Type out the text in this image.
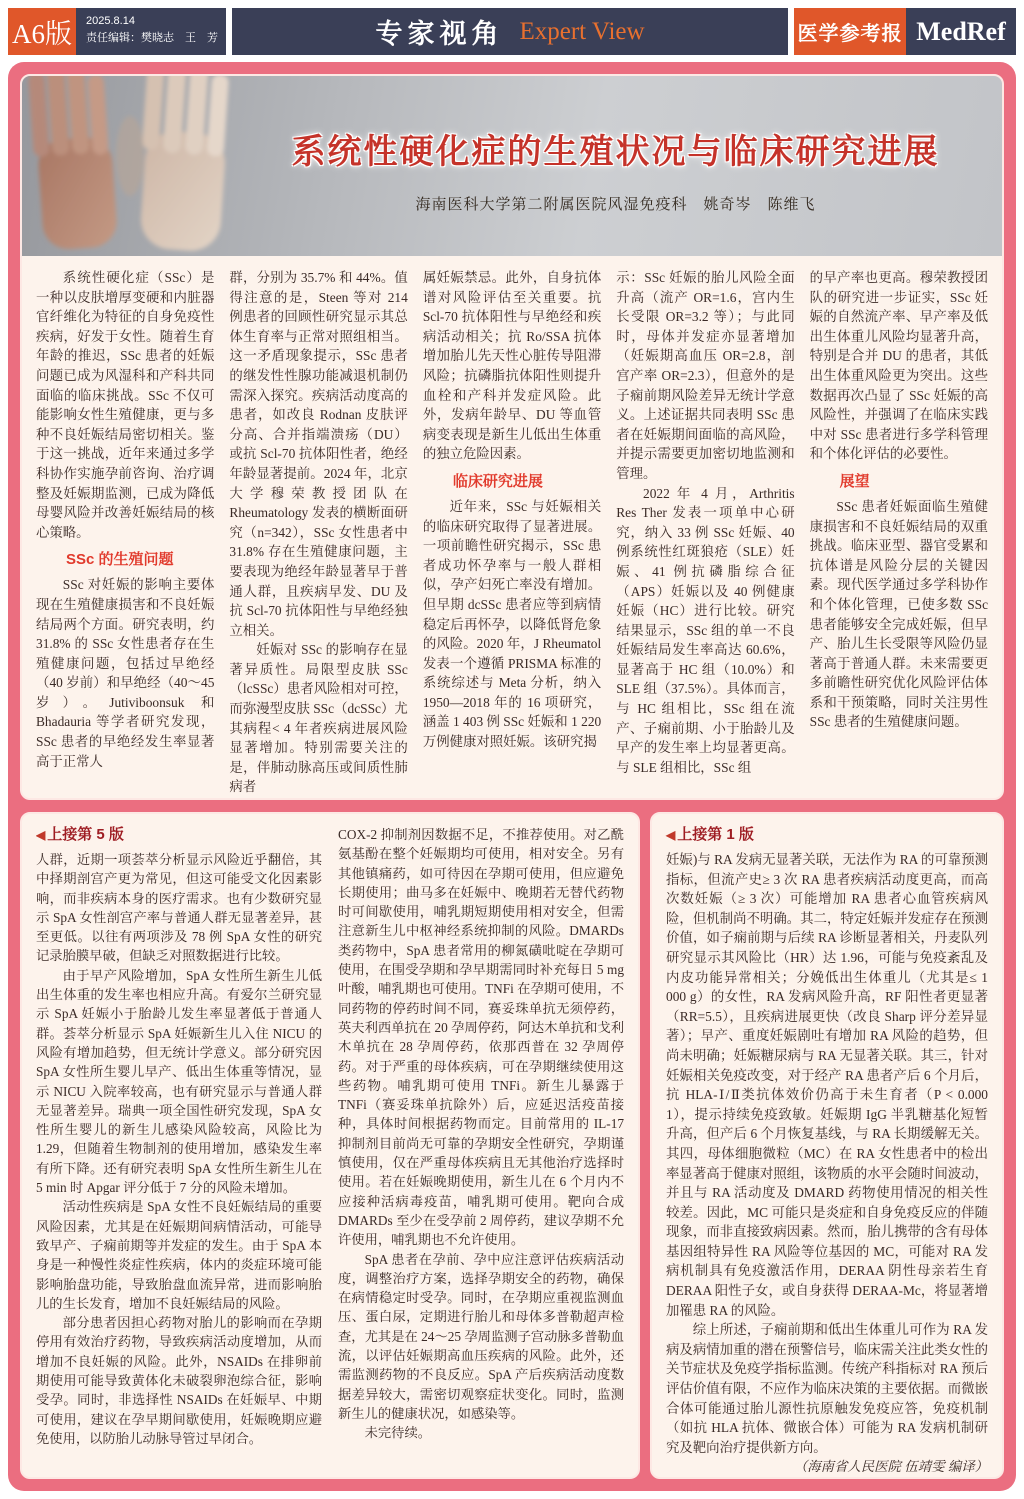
A6版	2025.8.14
责任编辑：樊晓志　王　芳	专家视角 Expert View	医学参考报 MedRef
系统性硬化症的生殖状况与临床研究进展
海南医科大学第二附属医院风湿免疫科　姚奇岑　陈维飞

系统性硬化症（SSc）是一种以皮肤增厚变硬和内脏器官纤维化为特征的自身免疫性疾病，好发于女性。随着生育年龄的推迟，SSc 患者的妊娠问题已成为风湿科和产科共同面临的临床挑战。SSc 不仅可能影响女性生殖健康，更与多种不良妊娠结局密切相关。鉴于这一挑战，近年来通过多学科协作实施孕前咨询、治疗调整及妊娠期监测，已成为降低母婴风险并改善妊娠结局的核心策略。

SSc 的生殖问题

SSc 对妊娠的影响主要体现在生殖健康损害和不良妊娠结局两个方面。研究表明，约 31.8% 的 SSc 女性患者存在生殖健康问题，包括过早绝经（40 岁前）和早绝经（40～45 岁）。Jutiviboonsuk 和 Bhadauria 等学者研究发现，SSc 患者的早绝经发生率显著高于正常人

群，分别为 35.7% 和 44%。值得注意的是，Steen 等对 214 例患者的回顾性研究显示其总体生育率与正常对照组相当。这一矛盾现象提示，SSc 患者的继发性性腺功能减退机制仍需深入探究。疾病活动度高的患者，如改良 Rodnan 皮肤评分高、合并指端溃疡（DU）或抗 Scl-70 抗体阳性者，绝经年龄显著提前。2024 年，北京大学穆荣教授团队在 Rheumatology 发表的横断面研究（n=342），SSc 女性患者中 31.8% 存在生殖健康问题，主要表现为绝经年龄显著早于普通人群，且疾病早发、DU 及抗 Scl-70 抗体阳性与早绝经独立相关。

妊娠对 SSc 的影响存在显著异质性。局限型皮肤 SSc（lcSSc）患者风险相对可控，而弥漫型皮肤 SSc（dcSSc）尤其病程< 4 年者疾病进展风险显著增加。特别需要关注的是，伴肺动脉高压或间质性肺病者

属妊娠禁忌。此外，自身抗体谱对风险评估至关重要。抗 Scl-70 抗体阳性与早绝经和疾病活动相关；抗 Ro/SSA 抗体增加胎儿先天性心脏传导阻滞风险；抗磷脂抗体阳性则提升血栓和产科并发症风险。此外，发病年龄早、DU 等血管病变表现是新生儿低出生体重的独立危险因素。

临床研究进展

近年来，SSc 与妊娠相关的临床研究取得了显著进展。一项前瞻性研究揭示，SSc 患者成功怀孕率与一般人群相似，孕产妇死亡率没有增加。但早期 dcSSc 患者应等到病情稳定后再怀孕，以降低肾危象的风险。2020 年，J Rheumatol 发表一个遵循 PRISMA 标准的系统综述与 Meta 分析，纳入 1950—2018 年的 16 项研究，涵盖 1 403 例 SSc 妊娠和 1 220 万例健康对照妊娠。该研究揭

示：SSc 妊娠的胎儿风险全面升高（流产 OR=1.6，宫内生长受限 OR=3.2 等）；与此同时，母体并发症亦显著增加（妊娠期高血压 OR=2.8，剖宫产率 OR=2.3），但意外的是子痫前期风险差异无统计学意义。上述证据共同表明 SSc 患者在妊娠期间面临的高风险，并提示需要更加密切地监测和管理。

2022 年 4 月，Arthritis Res Ther 发表一项单中心研究，纳入 33 例 SSc 妊娠、40 例系统性红斑狼疮（SLE）妊娠、41 例抗磷脂综合征（APS）妊娠以及 40 例健康妊娠（HC）进行比较。研究结果显示，SSc 组的单一不良妊娠结局发生率高达 60.6%，显著高于 HC 组（10.0%）和 SLE 组（37.5%）。具体而言，与 HC 组相比，SSc 组在流产、子痫前期、小于胎龄儿及早产的发生率上均显著更高。与 SLE 组相比，SSc 组

的早产率也更高。穆荣教授团队的研究进一步证实，SSc 妊娠的自然流产率、早产率及低出生体重儿风险均显著升高，特别是合并 DU 的患者，其低出生体重风险更为突出。这些数据再次凸显了 SSc 妊娠的高风险性，并强调了在临床实践中对 SSc 患者进行多学科管理和个体化评估的必要性。

展望

SSc 患者妊娠面临生殖健康损害和不良妊娠结局的双重挑战。临床亚型、器官受累和抗体谱是风险分层的关键因素。现代医学通过多学科协作和个体化管理，已使多数 SSc 患者能够安全完成妊娠，但早产、胎儿生长受限等风险仍显著高于普通人群。未来需要更多前瞻性研究优化风险评估体系和干预策略，同时关注男性 SSc 患者的生殖健康问题。

◀ 上接第 5 版

人群，近期一项荟萃分析显示风险近乎翻倍，其中择期剖宫产更为常见，但这可能受文化因素影响，而非疾病本身的医疗需求。也有少数研究显示 SpA 女性剖宫产率与普通人群无显著差异，甚至更低。以往有两项涉及 78 例 SpA 女性的研究记录胎膜早破，但缺乏对照数据进行比较。

由于早产风险增加，SpA 女性所生新生儿低出生体重的发生率也相应升高。有爱尔兰研究显示 SpA 妊娠小于胎龄儿发生率显著低于普通人群。荟萃分析显示 SpA 妊娠新生儿入住 NICU 的风险有增加趋势，但无统计学意义。部分研究因 SpA 女性所生婴儿早产、低出生体重等情况，显示 NICU 入院率较高，也有研究显示与普通人群无显著差异。瑞典一项全国性研究发现，SpA 女性所生婴儿的新生儿感染风险较高，风险比为 1.29，但随着生物制剂的使用增加，感染发生率有所下降。还有研究表明 SpA 女性所生新生儿在 5 min 时 Apgar 评分低于 7 分的风险未增加。

活动性疾病是 SpA 女性不良妊娠结局的重要风险因素，尤其是在妊娠期间病情活动，可能导致早产、子痫前期等并发症的发生。由于 SpA 本身是一种慢性炎症性疾病，体内的炎症环境可能影响胎盘功能，导致胎盘血流异常，进而影响胎儿的生长发育，增加不良妊娠结局的风险。

部分患者因担心药物对胎儿的影响而在孕期停用有效治疗药物，导致疾病活动度增加，从而增加不良妊娠的风险。此外，NSAIDs 在排卵前期使用可能导致黄体化未破裂卵泡综合征，影响受孕。同时，非选择性 NSAIDs 在妊娠早、中期可使用，建议在孕早期间歇使用，妊娠晚期应避免使用，以防胎儿动脉导管过早闭合。

COX-2 抑制剂因数据不足，不推荐使用。对乙酰氨基酚在整个妊娠期均可使用，相对安全。另有其他镇痛药，如可待因在孕期可使用，但应避免长期使用；曲马多在妊娠中、晚期若无替代药物时可间歇使用，哺乳期短期使用相对安全，但需注意新生儿中枢神经系统抑制的风险。DMARDs 类药物中，SpA 患者常用的柳氮磺吡啶在孕期可使用，在围受孕期和孕早期需同时补充每日 5 mg 叶酸，哺乳期也可使用。TNFi 在孕期可使用，不同药物的停药时间不同，赛妥珠单抗无须停药，英夫利西单抗在 20 孕周停药，阿达木单抗和戈利木单抗在 28 孕周停药，依那西普在 32 孕周停药。对于严重的母体疾病，可在孕期继续使用这些药物。哺乳期可使用 TNFi。新生儿暴露于 TNFi（赛妥珠单抗除外）后，应延迟活疫苗接种，具体时间根据药物而定。目前常用的 IL-17 抑制剂目前尚无可靠的孕期安全性研究，孕期谨慎使用，仅在严重母体疾病且无其他治疗选择时使用。若在妊娠晚期使用，新生儿在 6 个月内不应接种活病毒疫苗，哺乳期可使用。靶向合成 DMARDs 至少在受孕前 2 周停药，建议孕期不允许使用，哺乳期也不允许使用。

SpA 患者在孕前、孕中应注意评估疾病活动度，调整治疗方案，选择孕期安全的药物，确保在病情稳定时受孕。同时，在孕期应重视监测血压、蛋白尿，定期进行胎儿和母体多普勒超声检查，尤其是在 24～25 孕周监测子宫动脉多普勒血流，以评估妊娠期高血压疾病的风险。此外，还需监测药物的不良反应。SpA 产后疾病活动度数据差异较大，需密切观察症状变化。同时，监测新生儿的健康状况，如感染等。

未完待续。

◀ 上接第 1 版

妊娠)与 RA 发病无显著关联，无法作为 RA 的可靠预测指标，但流产史≥ 3 次 RA 患者疾病活动度更高，而高次数妊娠（≥ 3 次）可能增加 RA 患者心血管疾病风险，但机制尚不明确。其二，特定妊娠并发症存在预测价值，如子痫前期与后续 RA 诊断显著相关，丹麦队列研究显示其风险比（HR）达 1.96，可能与免疫紊乱及内皮功能异常相关；分娩低出生体重儿（尤其是≤ 1 000 g）的女性，RA 发病风险升高，RF 阳性者更显著（RR=5.5），且疾病进展更快（改良 Sharp 评分差异显著）；早产、重度妊娠剧吐有增加 RA 风险的趋势，但尚未明确；妊娠糖尿病与 RA 无显著关联。其三，针对妊娠相关免疫改变，对于经产 RA 患者产后 6 个月后，抗 HLA-Ⅰ/Ⅱ类抗体效价仍高于未生育者（P < 0.000 1），提示持续免疫致敏。妊娠期 IgG 半乳糖基化短暂升高，但产后 6 个月恢复基线，与 RA 长期缓解无关。其四，母体细胞微粒（MC）在 RA 女性患者中的检出率显著高于健康对照组，该物质的水平会随时间波动，并且与 RA 活动度及 DMARD 药物使用情况的相关性较差。因此，MC 可能只是炎症和自身免疫反应的伴随现象，而非直接致病因素。然而，胎儿携带的含有母体基因组特异性 RA 风险等位基因的 MC，可能对 RA 发病机制具有免疫激活作用，DERAA 阴性母亲若生育 DERAA 阳性子女，或自身获得 DERAA-Mc，将显著增加罹患 RA 的风险。

综上所述，子痫前期和低出生体重儿可作为 RA 发病及病情加重的潜在预警信号，临床需关注此类女性的关节症状及免疫学指标监测。传统产科指标对 RA 预后评估价值有限，不应作为临床决策的主要依据。而微嵌合体可能通过胎儿源性抗原触发免疫应答，免疫机制（如抗 HLA 抗体、微嵌合体）可能为 RA 发病机制研究及靶向治疗提供新方向。

（海南省人民医院 伍靖雯 编译）
